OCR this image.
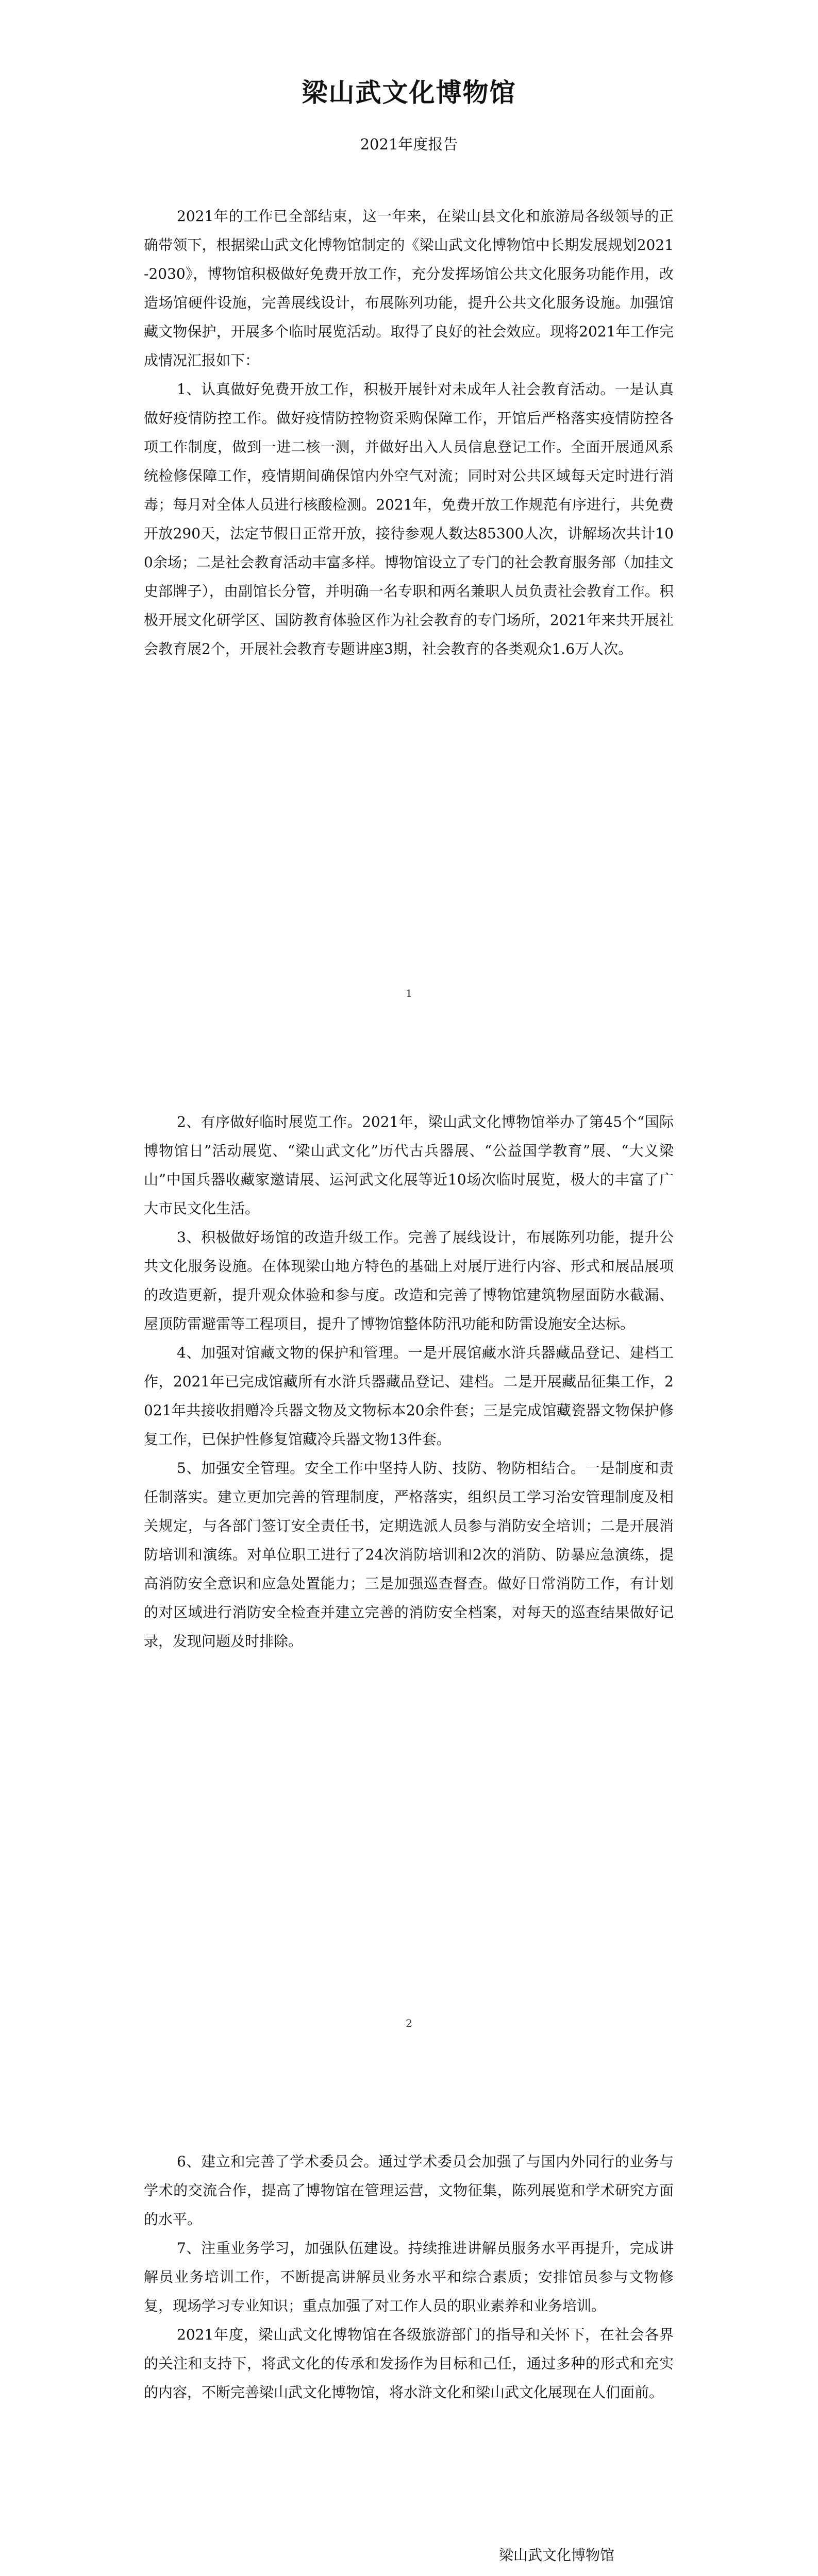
梁山武文化博物馆
2021年度报告

2021年的工作已全部结束，这一年来，在梁山县文化和旅游局各级领导的正确带领下，根据梁山武文化博物馆制定的《梁山武文化博物馆中长期发展规划2021-2030》，博物馆积极做好免费开放工作，充分发挥场馆公共文化服务功能作用，改造场馆硬件设施，完善展线设计，布展陈列功能，提升公共文化服务设施。加强馆藏文物保护，开展多个临时展览活动。取得了良好的社会效应。现将2021年工作完成情况汇报如下：

1、认真做好免费开放工作，积极开展针对未成年人社会教育活动。一是认真做好疫情防控工作。做好疫情防控物资采购保障工作，开馆后严格落实疫情防控各项工作制度，做到一进二核一测，并做好出入人员信息登记工作。全面开展通风系统检修保障工作，疫情期间确保馆内外空气对流；同时对公共区域每天定时进行消毒；每月对全体人员进行核酸检测。2021年，免费开放工作规范有序进行，共免费开放290天，法定节假日正常开放，接待参观人数达85300人次，讲解场次共计100余场；二是社会教育活动丰富多样。博物馆设立了专门的社会教育服务部（加挂文史部牌子），由副馆长分管，并明确一名专职和两名兼职人员负责社会教育工作。积极开展文化研学区、国防教育体验区作为社会教育的专门场所，2021年来共开展社会教育展2个，开展社会教育专题讲座3期，社会教育的各类观众1.6万人次。

1

2、有序做好临时展览工作。2021年，梁山武文化博物馆举办了第45个“国际博物馆日”活动展览、“梁山武文化”历代古兵器展、“公益国学教育”展、“大义梁山”中国兵器收藏家邀请展、运河武文化展等近10场次临时展览，极大的丰富了广大市民文化生活。

3、积极做好场馆的改造升级工作。完善了展线设计，布展陈列功能，提升公共文化服务设施。在体现梁山地方特色的基础上对展厅进行内容、形式和展品展项的改造更新，提升观众体验和参与度。改造和完善了博物馆建筑物屋面防水截漏、屋顶防雷避雷等工程项目，提升了博物馆整体防汛功能和防雷设施安全达标。

4、加强对馆藏文物的保护和管理。一是开展馆藏水浒兵器藏品登记、建档工作，2021年已完成馆藏所有水浒兵器藏品登记、建档。二是开展藏品征集工作，2021年共接收捐赠冷兵器文物及文物标本20余件套；三是完成馆藏瓷器文物保护修复工作，已保护性修复馆藏冷兵器文物13件套。

5、加强安全管理。安全工作中坚持人防、技防、物防相结合。一是制度和责任制落实。建立更加完善的管理制度，严格落实，组织员工学习治安管理制度及相关规定，与各部门签订安全责任书，定期选派人员参与消防安全培训；二是开展消防培训和演练。对单位职工进行了24次消防培训和2次的消防、防暴应急演练，提高消防安全意识和应急处置能力；三是加强巡查督查。做好日常消防工作，有计划的对区域进行消防安全检查并建立完善的消防安全档案，对每天的巡查结果做好记录，发现问题及时排除。

2

6、建立和完善了学术委员会。通过学术委员会加强了与国内外同行的业务与学术的交流合作，提高了博物馆在管理运营，文物征集，陈列展览和学术研究方面的水平。

7、注重业务学习，加强队伍建设。持续推进讲解员服务水平再提升，完成讲解员业务培训工作，不断提高讲解员业务水平和综合素质；安排馆员参与文物修复，现场学习专业知识；重点加强了对工作人员的职业素养和业务培训。

2021年度，梁山武文化博物馆在各级旅游部门的指导和关怀下，在社会各界的关注和支持下，将武文化的传承和发扬作为目标和己任，通过多种的形式和充实的内容，不断完善梁山武文化博物馆，将水浒文化和梁山武文化展现在人们面前。

梁山武文化博物馆
